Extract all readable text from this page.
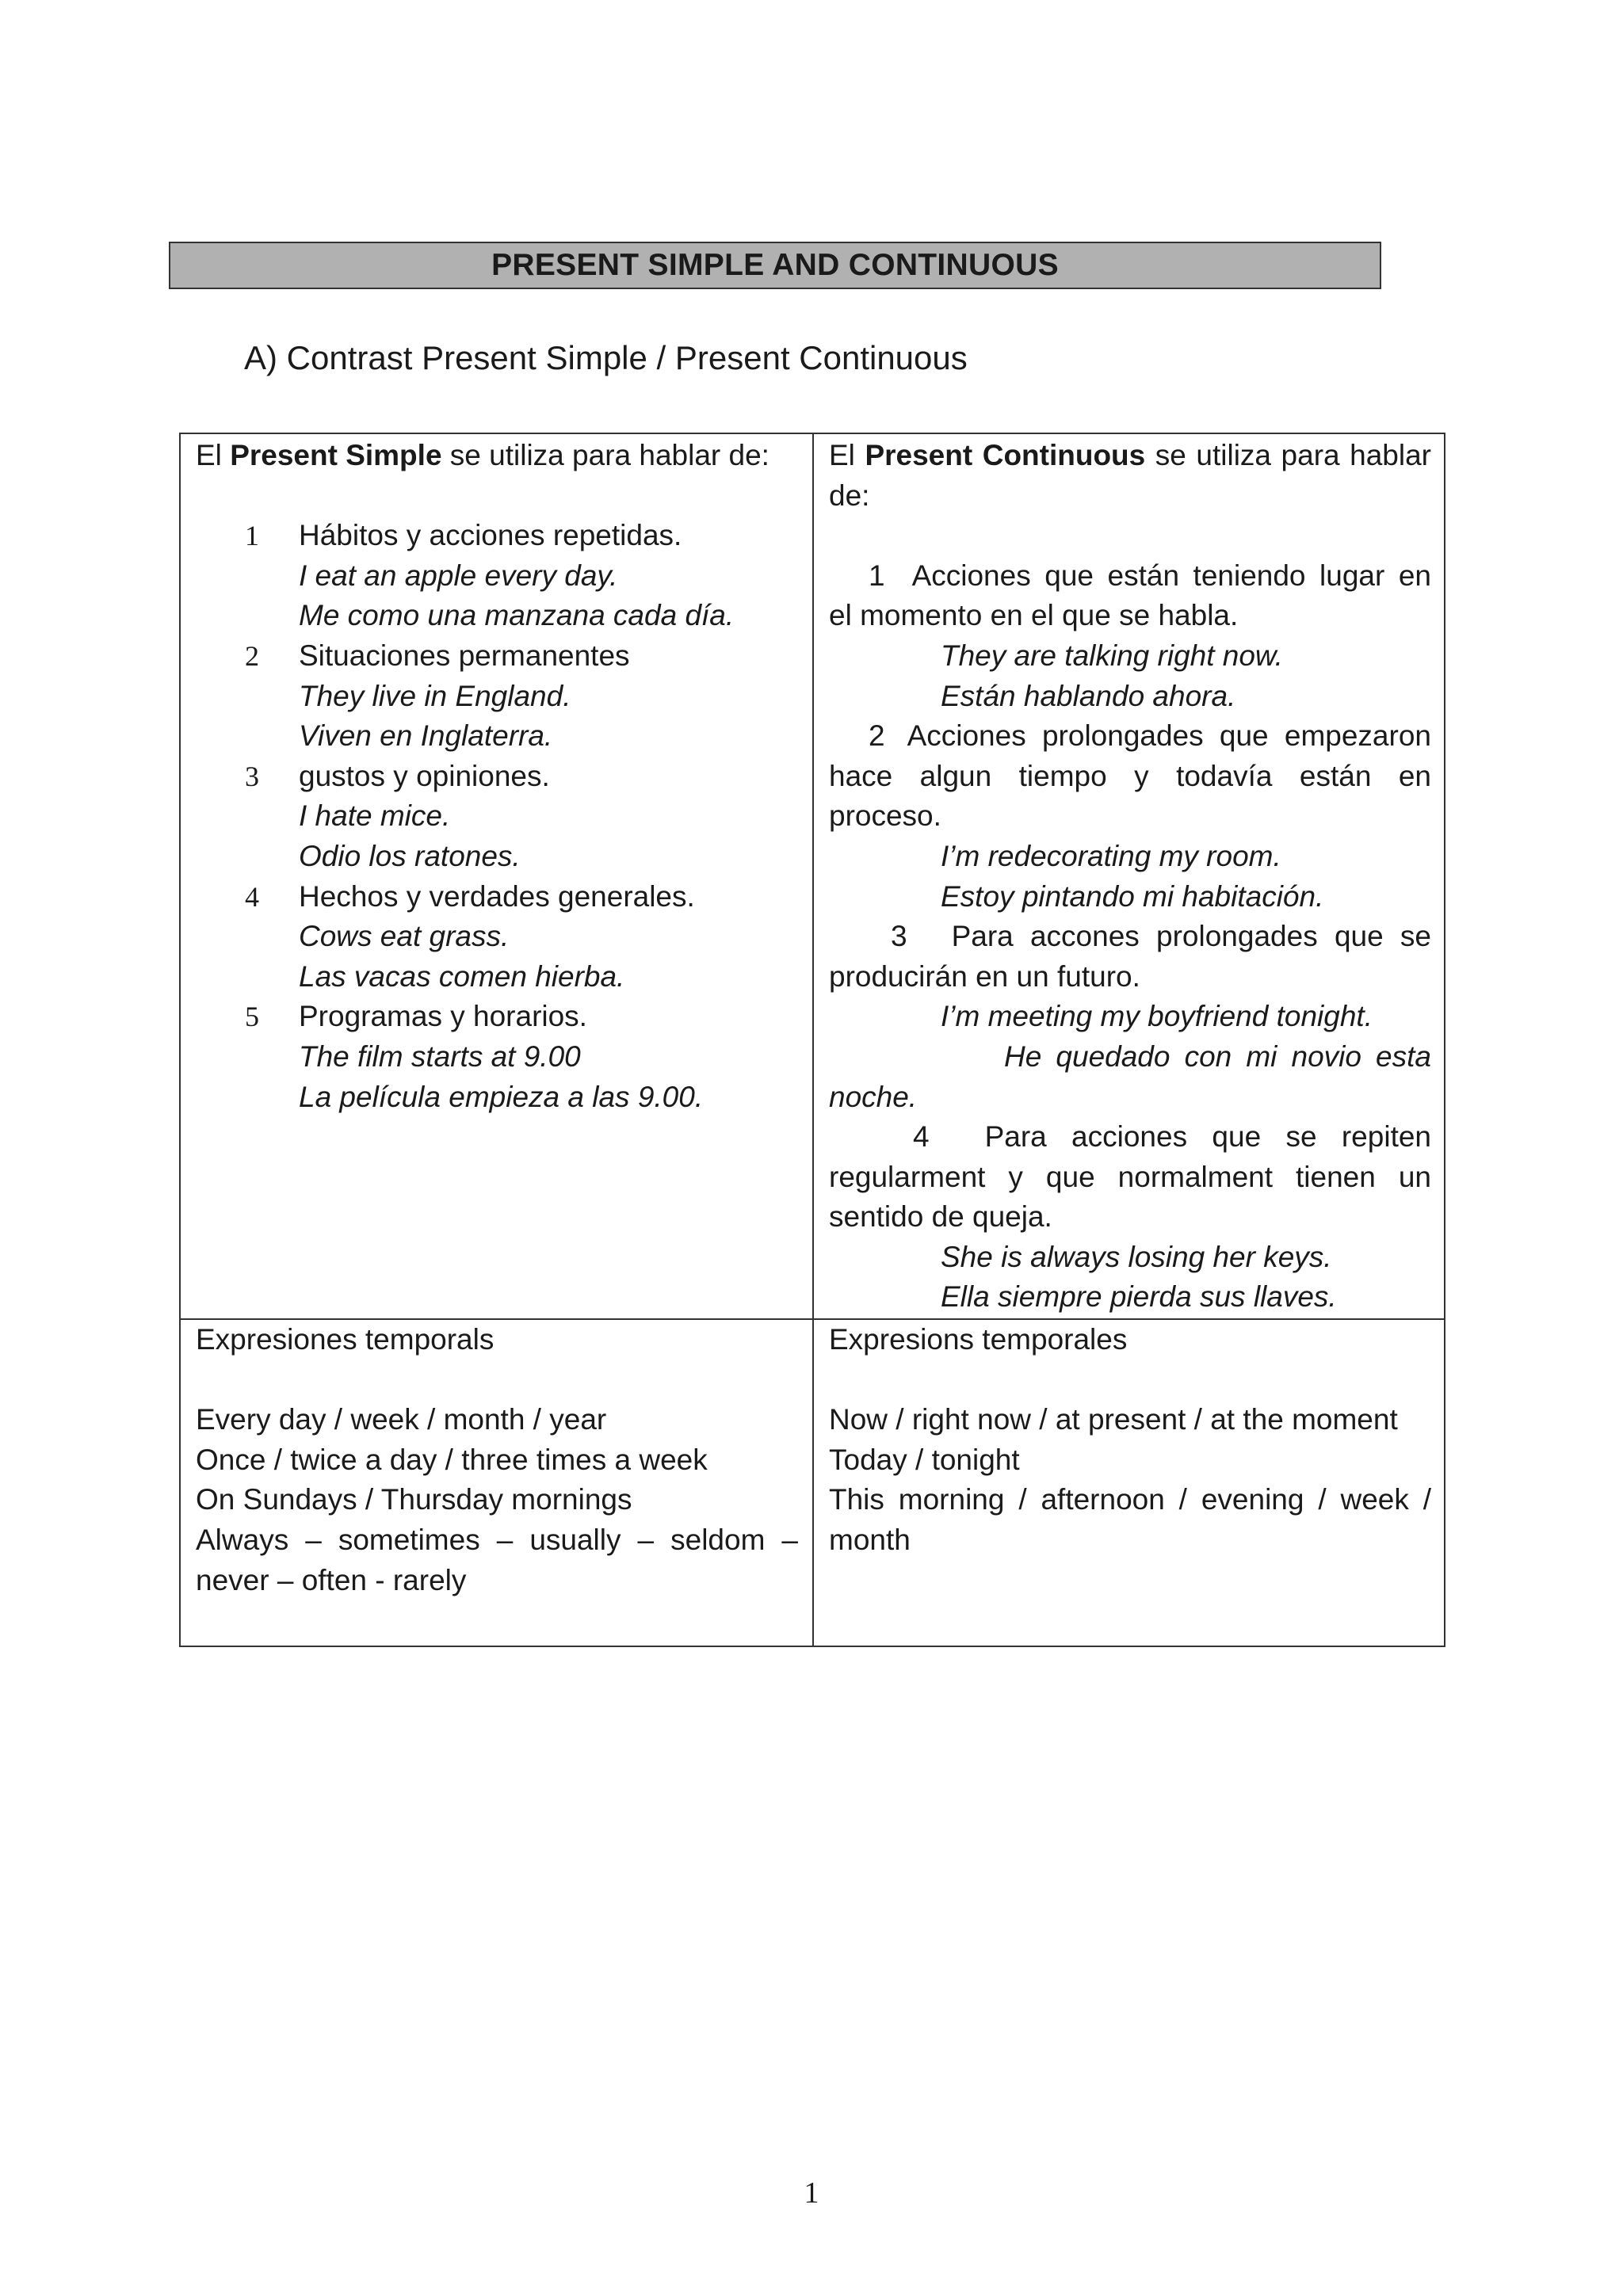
PRESENT SIMPLE AND CONTINUOUS
A) Contrast Present Simple / Present Continuous
El Present Simple se utiliza para hablar de:
1 Hábitos y acciones repetidas.
I eat an apple every day.
Me como una manzana cada día.
2 Situaciones permanentes
They live in England.
Viven en Inglaterra.
3 gustos y opiniones.
I hate mice.
Odio los ratones.
4 Hechos y verdades generales.
Cows eat grass.
Las vacas comen hierba.
5 Programas y horarios.
The film starts at 9.00
La película empieza a las 9.00.
El Present Continuous se utiliza para hablar de:
1 Acciones que están teniendo lugar en el momento en el que se habla.
They are talking right now.
Están hablando ahora.
2 Acciones prolongades que empezaron hace algun tiempo y todavía están en proceso.
I’m redecorating my room.
Estoy pintando mi habitación.
3 Para accones prolongades que se producirán en un futuro.
I’m meeting my boyfriend tonight.
He quedado con mi novio esta noche.
4 Para acciones que se repiten regularment y que normalment tienen un sentido de queja.
She is always losing her keys.
Ella siempre pierda sus llaves.
Expresiones temporals
Every day / week / month / year
Once / twice a day / three times a week
On Sundays / Thursday mornings
Always – sometimes – usually – seldom – never – often - rarely
Expresions temporales
Now / right now / at present / at the moment
Today / tonight
This morning / afternoon / evening / week / month
1
